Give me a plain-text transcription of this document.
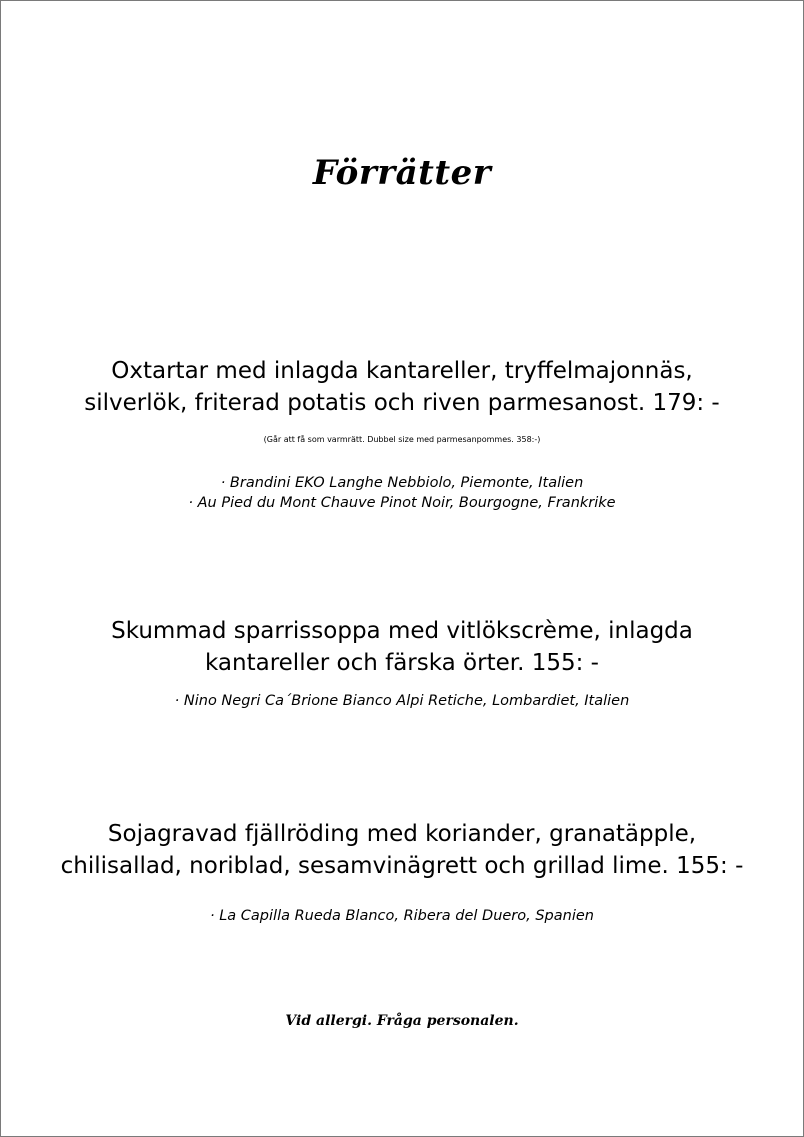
Förrätter
Oxtartar med inlagda kantareller, tryffelmajonnäs,
silverlök, friterad potatis och riven parmesanost. 179: -
(Går att få som varmrätt. Dubbel size med parmesanpommes. 358:-)
· Brandini EKO Langhe Nebbiolo, Piemonte, Italien
· Au Pied du Mont Chauve Pinot Noir, Bourgogne, Frankrike
Skummad sparrissoppa med vitlökscrème, inlagda
kantareller och färska örter. 155: -
· Nino Negri Ca´Brione Bianco Alpi Retiche, Lombardiet, Italien
Sojagravad fjällröding med koriander, granatäpple,
chilisallad, noriblad, sesamvinägrett och grillad lime. 155: -
· La Capilla Rueda Blanco, Ribera del Duero, Spanien
Vid allergi. Fråga personalen.
